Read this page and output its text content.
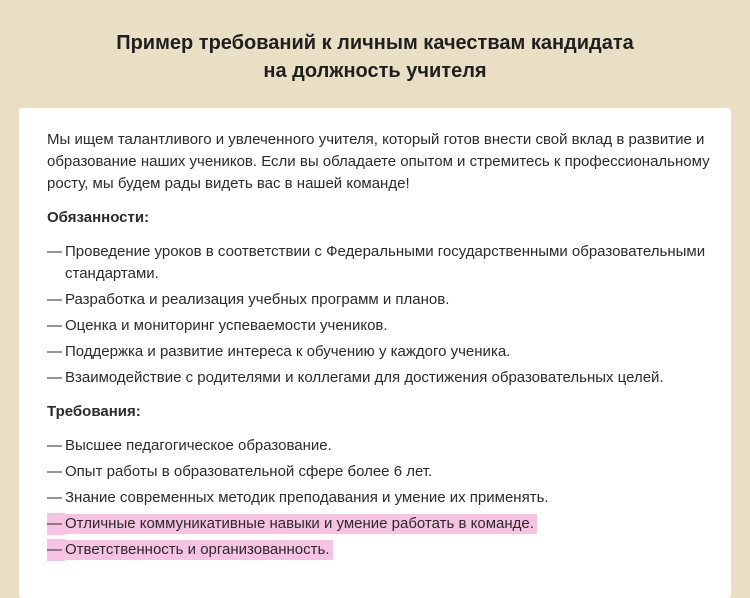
Пример требований к личным качествам кандидата
на должность учителя

Мы ищем талантливого и увлеченного учителя, который готов внести свой вклад в развитие и образование наших учеников. Если вы обладаете опытом и стремитесь к профессиональному росту, мы будем рады видеть вас в нашей команде!

Обязанности:
— Проведение уроков в соответствии с Федеральными государственными образовательными стандартами.
— Разработка и реализация учебных программ и планов.
— Оценка и мониторинг успеваемости учеников.
— Поддержка и развитие интереса к обучению у каждого ученика.
— Взаимодействие с родителями и коллегами для достижения образовательных целей.
Требования:
— Высшее педагогическое образование.
— Опыт работы в образовательной сфере более 6 лет.
— Знание современных методик преподавания и умение их применять.
— Отличные коммуникативные навыки и умение работать в команде.
— Ответственность и организованность.
